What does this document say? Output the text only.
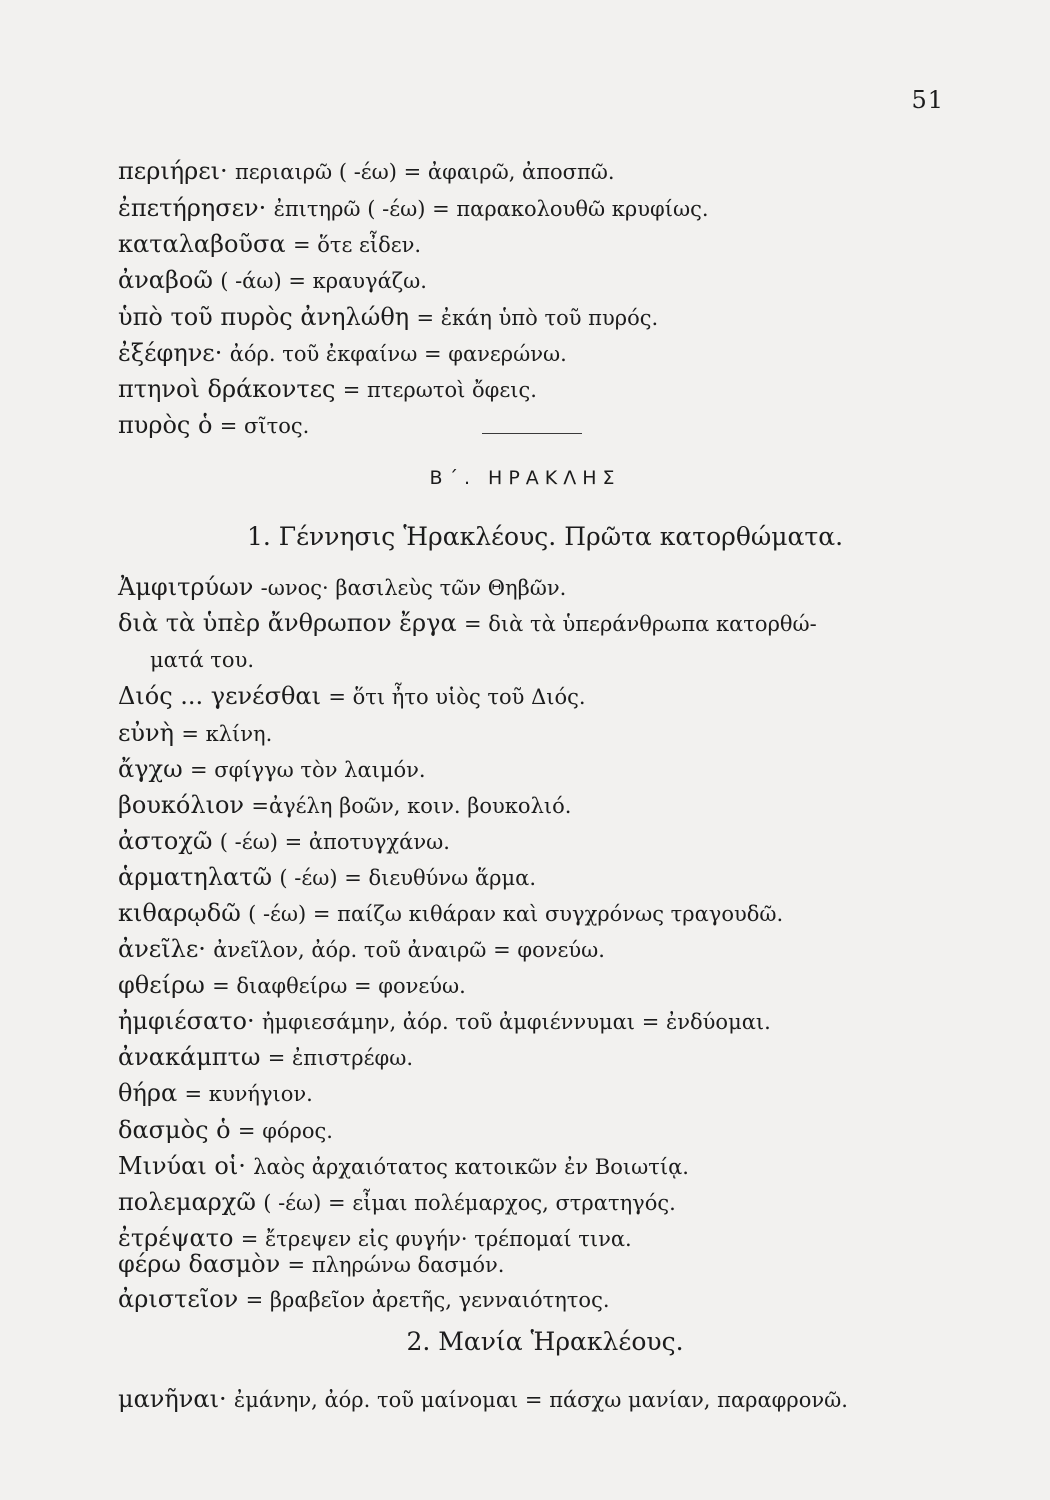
51
περιήρει· περιαιρῶ ( -έω) = ἀφαιρῶ, ἀποσπῶ.
ἐπετήρησεν· ἐπιτηρῶ ( -έω) = παρακολουθῶ κρυφίως.
καταλαβοῦσα = ὅτε εἶδεν.
ἀναβοῶ ( -άω) = κραυγάζω.
ὑπὸ τοῦ πυρὸς ἀνηλώθη = ἐκάη ὑπὸ τοῦ πυρός.
ἐξέφηνε· ἀόρ. τοῦ ἐκφαίνω = φανερώνω.
πτηνοὶ δράκοντες = πτερωτοὶ ὄφεις.
πυρὸς ὁ = σῖτος.
Β΄. ΗΡΑΚΛΗΣ
1. Γέννησις Ἡρακλέους. Πρῶτα κατορθώματα.
Ἀμφιτρύων -ωνος· βασιλεὺς τῶν Θηβῶν.
διὰ τὰ ὑπὲρ ἄνθρωπον ἔργα = διὰ τὰ ὑπεράνθρωπα κατορθώ-
ματά του.
Διός ... γενέσθαι = ὅτι ἦτο υἱὸς τοῦ Διός.
εὐνὴ = κλίνη.
ἄγχω = σφίγγω τὸν λαιμόν.
βουκόλιον =ἀγέλη βοῶν, κοιν. βουκολιό.
ἀστοχῶ ( -έω) = ἀποτυγχάνω.
ἁρματηλατῶ ( -έω) = διευθύνω ἅρμα.
κιθαρῳδῶ ( -έω) = παίζω κιθάραν καὶ συγχρόνως τραγουδῶ.
ἀνεῖλε· ἀνεῖλον, ἀόρ. τοῦ ἀναιρῶ = φονεύω.
φθείρω = διαφθείρω = φονεύω.
ἠμφιέσατο· ἠμφιεσάμην, ἀόρ. τοῦ ἀμφιέννυμαι = ἐνδύομαι.
ἀνακάμπτω = ἐπιστρέφω.
θήρα = κυνήγιον.
δασμὸς ὁ = φόρος.
Μινύαι οἱ· λαὸς ἀρχαιότατος κατοικῶν ἐν Βοιωτίᾳ.
πολεμαρχῶ ( -έω) = εἶμαι πολέμαρχος, στρατηγός.
ἐτρέψατο = ἔτρεψεν εἰς φυγήν· τρέπομαί τινα.
φέρω δασμὸν = πληρώνω δασμόν.
ἀριστεῖον = βραβεῖον ἀρετῆς, γενναιότητος.
2. Μανία Ἡρακλέους.
μανῆναι· ἐμάνην, ἀόρ. τοῦ μαίνομαι = πάσχω μανίαν, παραφρονῶ.
